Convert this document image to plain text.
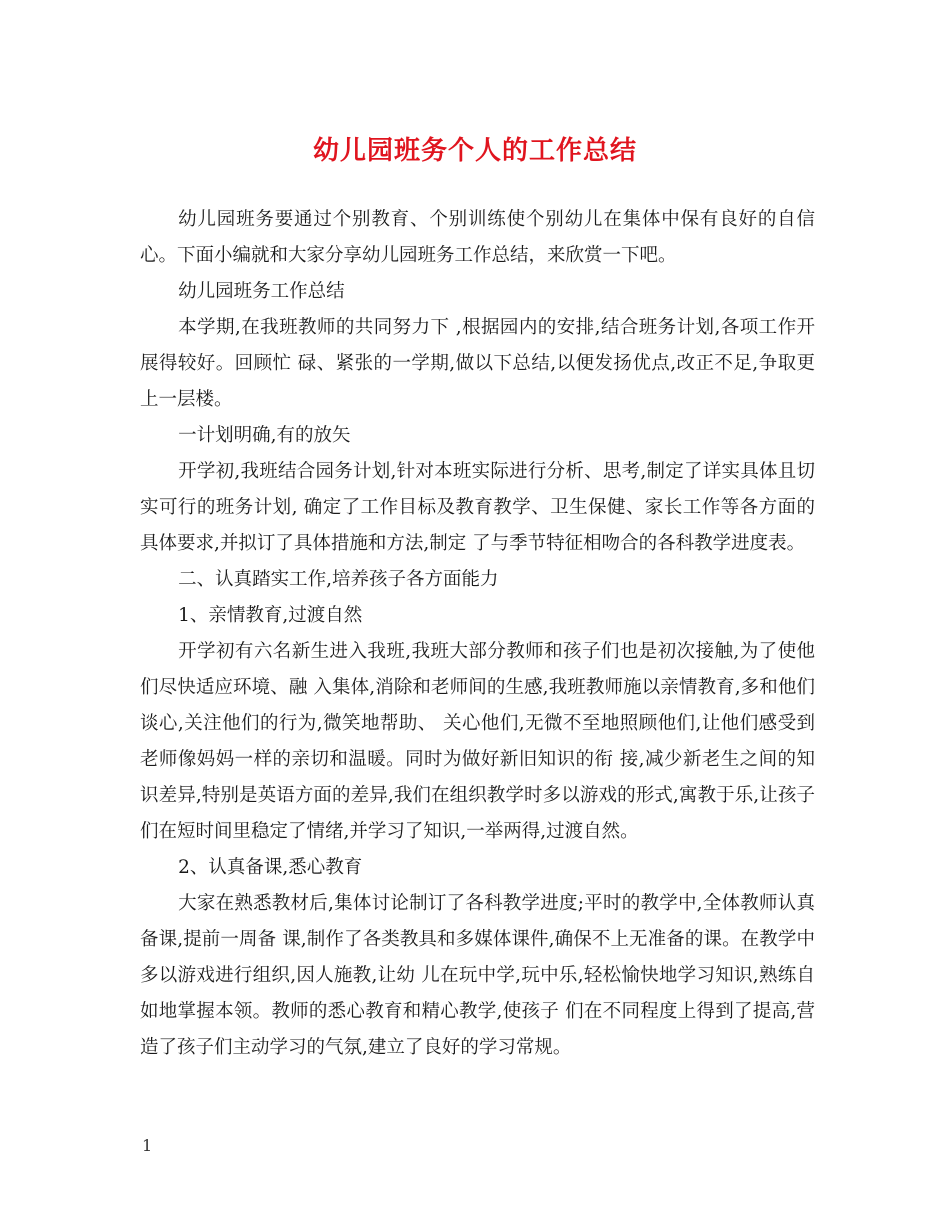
幼儿园班务个人的工作总结

幼儿园班务要通过个别教育、个别训练使个别幼儿在集体中保有良好的自信心。下面小编就和大家分享幼儿园班务工作总结，来欣赏一下吧。

幼儿园班务工作总结

本学期,在我班教师的共同努力下 ,根据园内的安排,结合班务计划,各项工作开展得较好。回顾忙 碌、紧张的一学期,做以下总结,以便发扬优点,改正不足,争取更上一层楼。

一计划明确,有的放矢

开学初,我班结合园务计划,针对本班实际进行分析、思考,制定了详实具体且切实可行的班务计划, 确定了工作目标及教育教学、卫生保健、家长工作等各方面的具体要求,并拟订了具体措施和方法,制定 了与季节特征相吻合的各科教学进度表。

二、认真踏实工作,培养孩子各方面能力

1、亲情教育,过渡自然

开学初有六名新生进入我班,我班大部分教师和孩子们也是初次接触,为了使他们尽快适应环境、融 入集体,消除和老师间的生感,我班教师施以亲情教育,多和他们谈心,关注他们的行为,微笑地帮助、 关心他们,无微不至地照顾他们,让他们感受到老师像妈妈一样的亲切和温暖。同时为做好新旧知识的衔 接,减少新老生之间的知识差异,特别是英语方面的差异,我们在组织教学时多以游戏的形式,寓教于乐,让孩子们在短时间里稳定了情绪,并学习了知识,一举两得,过渡自然。

2、认真备课,悉心教育

大家在熟悉教材后,集体讨论制订了各科教学进度;平时的教学中,全体教师认真备课,提前一周备 课,制作了各类教具和多媒体课件,确保不上无准备的课。在教学中多以游戏进行组织,因人施教,让幼 儿在玩中学,玩中乐,轻松愉快地学习知识,熟练自如地掌握本领。教师的悉心教育和精心教学,使孩子 们在不同程度上得到了提高,营造了孩子们主动学习的气氛,建立了良好的学习常规。

1
